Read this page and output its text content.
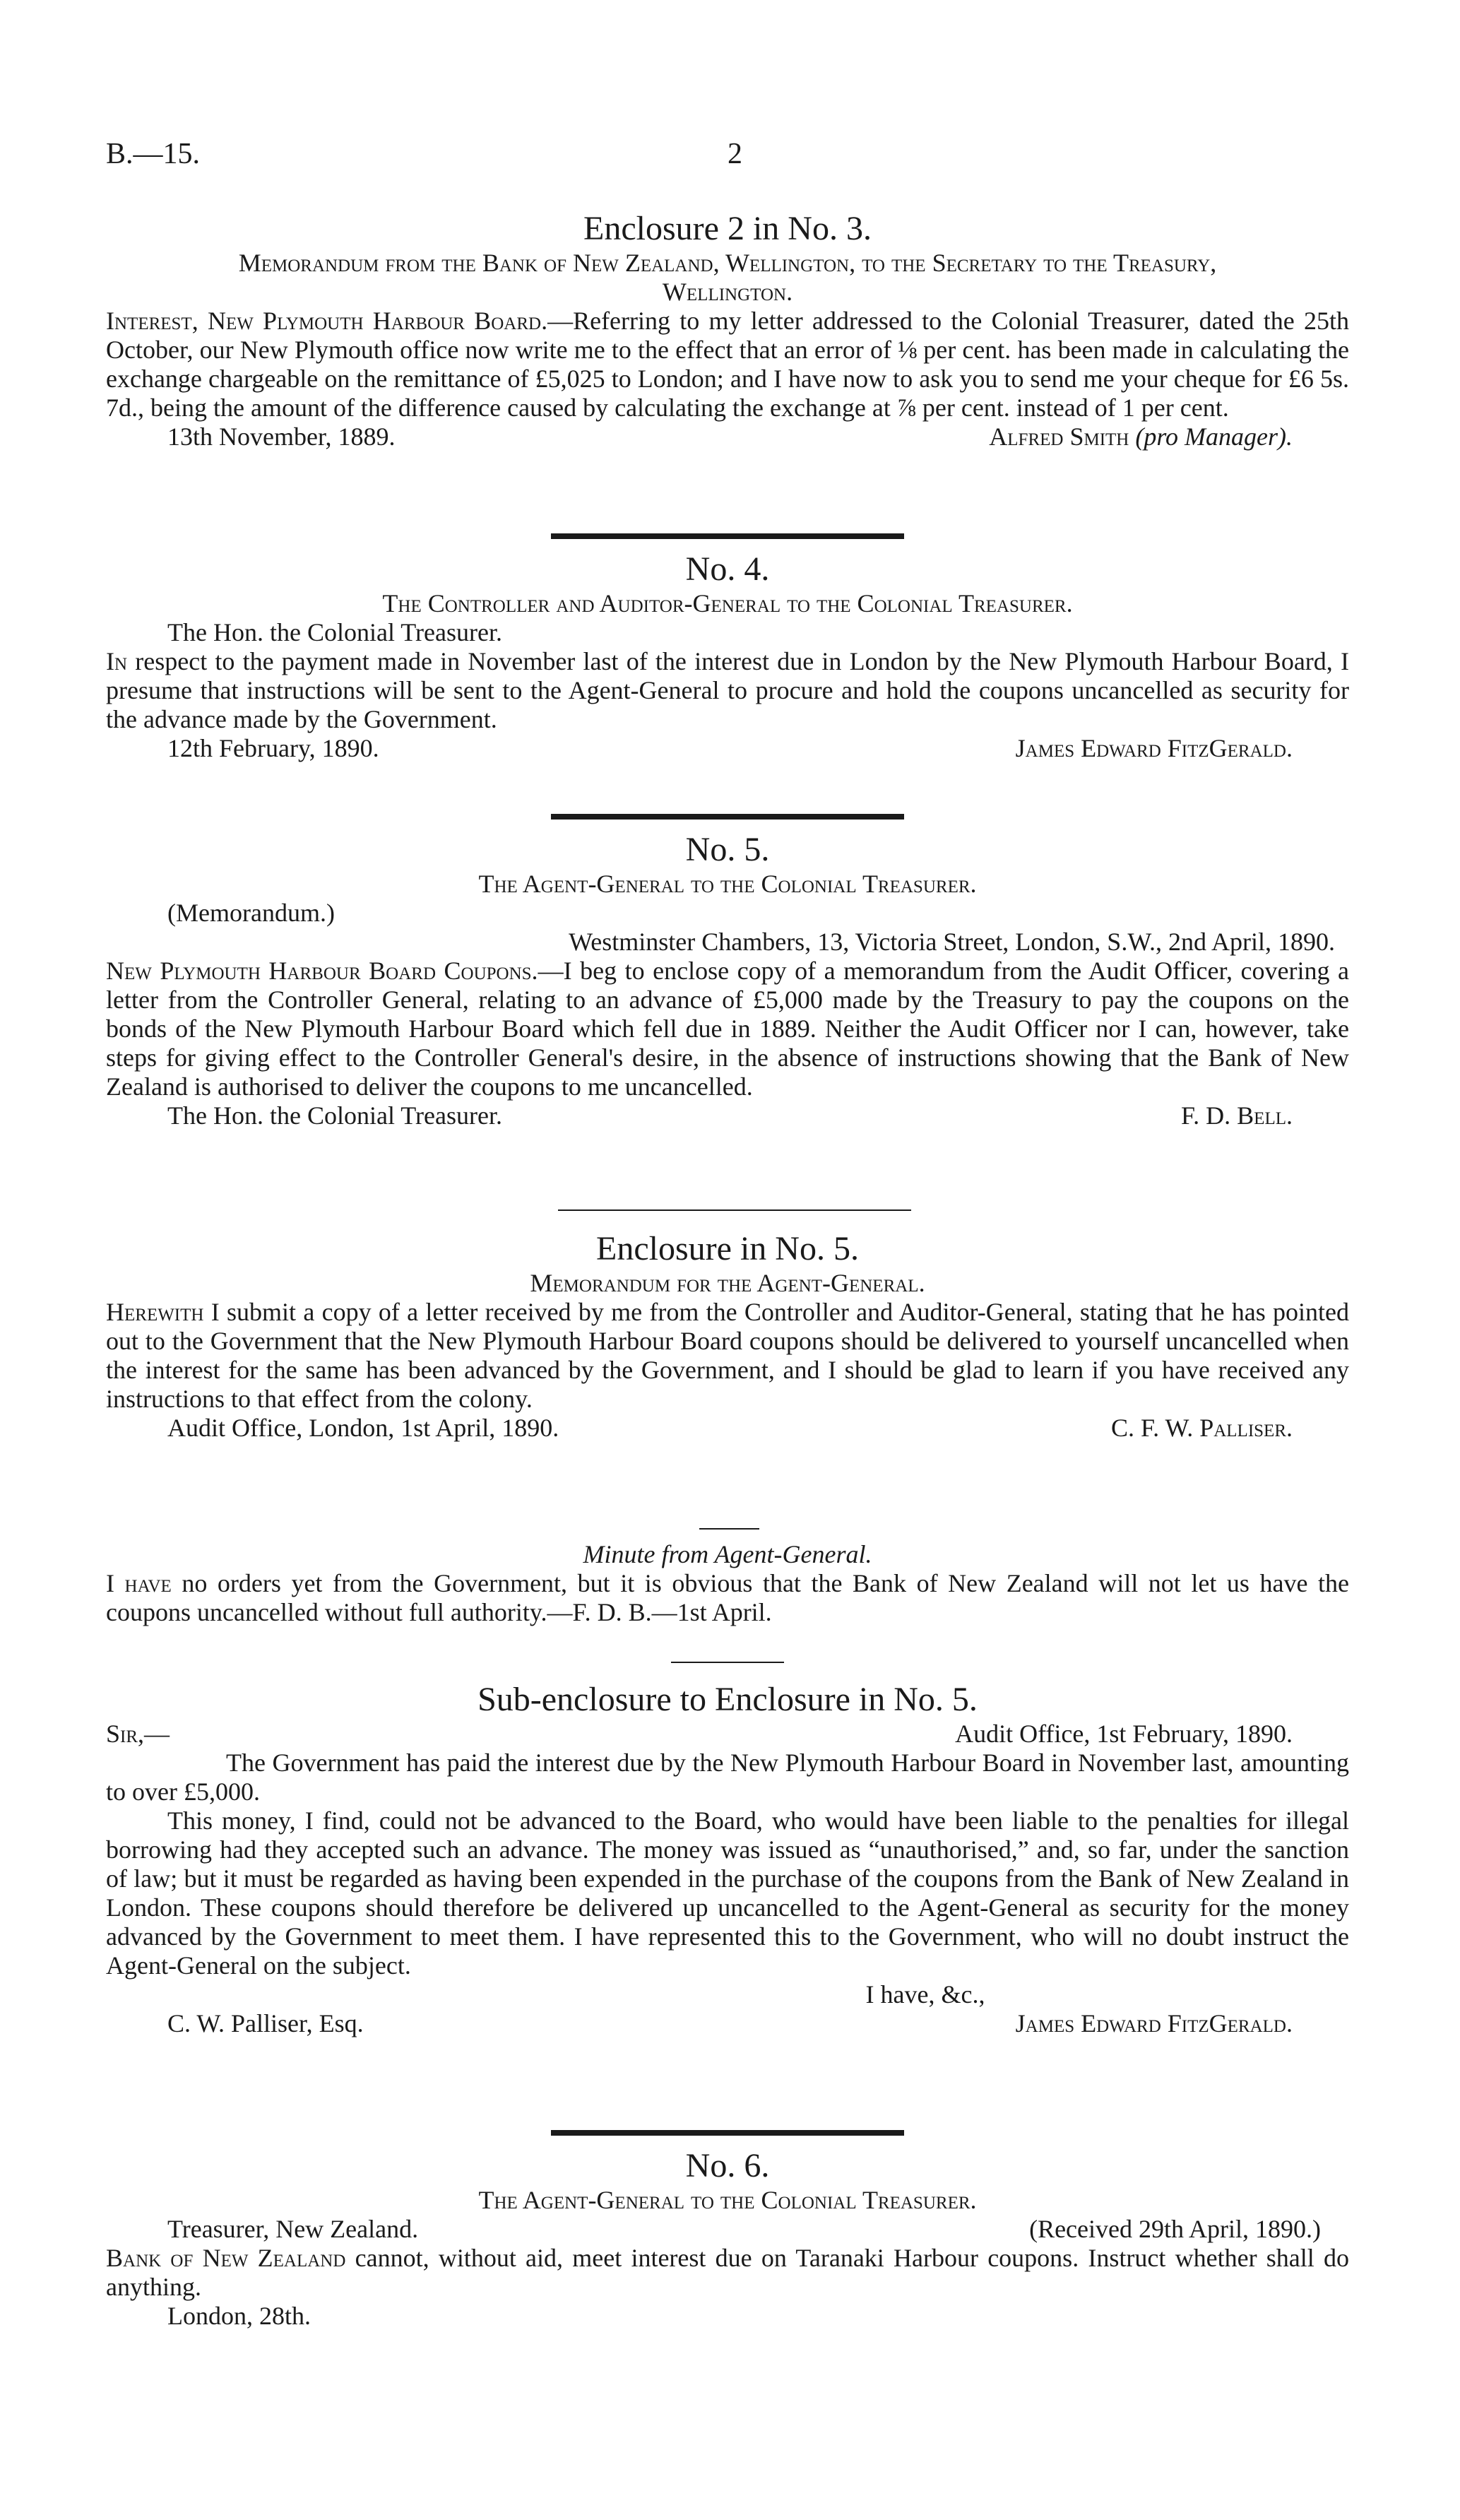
B.—15.	2

Enclosure 2 in No. 3.

Memorandum from the Bank of New Zealand, Wellington, to the Secretary to the Treasury, Wellington.

Interest, New Plymouth Harbour Board.—Referring to my letter addressed to the Colonial Treasurer, dated the 25th October, our New Plymouth office now write me to the effect that an error of ⅛ per cent. has been made in calculating the exchange chargeable on the remittance of £5,025 to London; and I have now to ask you to send me your cheque for £6 5s. 7d., being the amount of the difference caused by calculating the exchange at ⅞ per cent. instead of 1 per cent.

13th November, 1889.	Alfred Smith (pro Manager).

No. 4.

The Controller and Auditor-General to the Colonial Treasurer.

The Hon. the Colonial Treasurer.

In respect to the payment made in November last of the interest due in London by the New Plymouth Harbour Board, I presume that instructions will be sent to the Agent-General to procure and hold the coupons uncancelled as security for the advance made by the Government.

12th February, 1890.	James Edward FitzGerald.

No. 5.

The Agent-General to the Colonial Treasurer.

(Memorandum.)

Westminster Chambers, 13, Victoria Street, London, S.W., 2nd April, 1890.

New Plymouth Harbour Board Coupons.—I beg to enclose copy of a memorandum from the Audit Officer, covering a letter from the Controller General, relating to an advance of £5,000 made by the Treasury to pay the coupons on the bonds of the New Plymouth Harbour Board which fell due in 1889. Neither the Audit Officer nor I can, however, take steps for giving effect to the Controller General's desire, in the absence of instructions showing that the Bank of New Zealand is authorised to deliver the coupons to me uncancelled.

The Hon. the Colonial Treasurer.	F. D. Bell.

Enclosure in No. 5.

Memorandum for the Agent-General.

Herewith I submit a copy of a letter received by me from the Controller and Auditor-General, stating that he has pointed out to the Government that the New Plymouth Harbour Board coupons should be delivered to yourself uncancelled when the interest for the same has been advanced by the Government, and I should be glad to learn if you have received any instructions to that effect from the colony.

Audit Office, London, 1st April, 1890.	C. F. W. Palliser.

Minute from Agent-General.

I have no orders yet from the Government, but it is obvious that the Bank of New Zealand will not let us have the coupons uncancelled without full authority.—F. D. B.—1st April.

Sub-enclosure to Enclosure in No. 5.

Sir,—	Audit Office, 1st February, 1890.

The Government has paid the interest due by the New Plymouth Harbour Board in November last, amounting to over £5,000.

This money, I find, could not be advanced to the Board, who would have been liable to the penalties for illegal borrowing had they accepted such an advance. The money was issued as “unauthorised,” and, so far, under the sanction of law; but it must be regarded as having been expended in the purchase of the coupons from the Bank of New Zealand in London. These coupons should therefore be delivered up uncancelled to the Agent-General as security for the money advanced by the Government to meet them. I have represented this to the Government, who will no doubt instruct the Agent-General on the subject.

I have, &c.,

C. W. Palliser, Esq.	James Edward FitzGerald.

No. 6.

The Agent-General to the Colonial Treasurer.

Treasurer, New Zealand.	(Received 29th April, 1890.)

Bank of New Zealand cannot, without aid, meet interest due on Taranaki Harbour coupons. Instruct whether shall do anything.

London, 28th.
